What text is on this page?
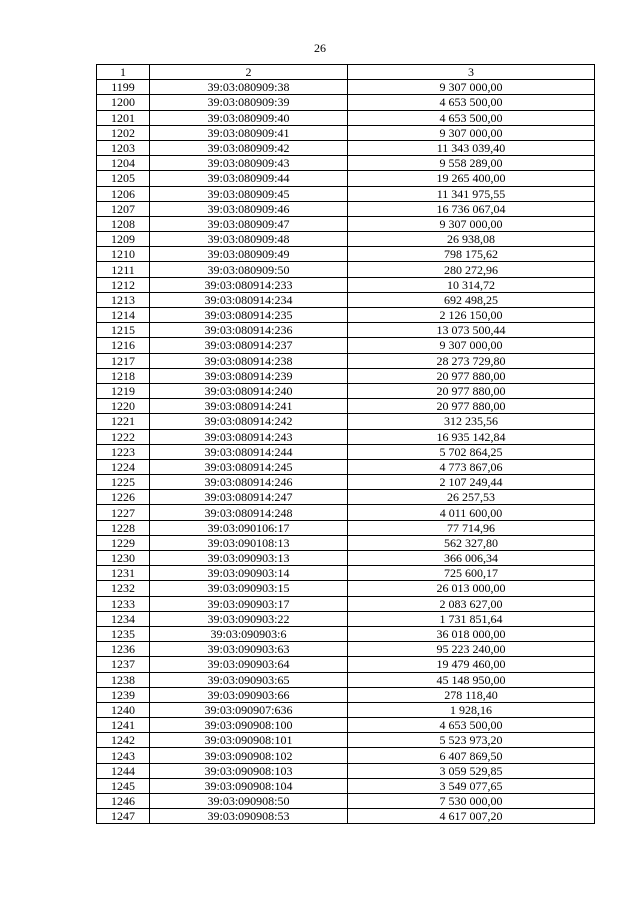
26
1	2	3
1199	39:03:080909:38	9 307 000,00
1200	39:03:080909:39	4 653 500,00
1201	39:03:080909:40	4 653 500,00
1202	39:03:080909:41	9 307 000,00
1203	39:03:080909:42	11 343 039,40
1204	39:03:080909:43	9 558 289,00
1205	39:03:080909:44	19 265 400,00
1206	39:03:080909:45	11 341 975,55
1207	39:03:080909:46	16 736 067,04
1208	39:03:080909:47	9 307 000,00
1209	39:03:080909:48	26 938,08
1210	39:03:080909:49	798 175,62
1211	39:03:080909:50	280 272,96
1212	39:03:080914:233	10 314,72
1213	39:03:080914:234	692 498,25
1214	39:03:080914:235	2 126 150,00
1215	39:03:080914:236	13 073 500,44
1216	39:03:080914:237	9 307 000,00
1217	39:03:080914:238	28 273 729,80
1218	39:03:080914:239	20 977 880,00
1219	39:03:080914:240	20 977 880,00
1220	39:03:080914:241	20 977 880,00
1221	39:03:080914:242	312 235,56
1222	39:03:080914:243	16 935 142,84
1223	39:03:080914:244	5 702 864,25
1224	39:03:080914:245	4 773 867,06
1225	39:03:080914:246	2 107 249,44
1226	39:03:080914:247	26 257,53
1227	39:03:080914:248	4 011 600,00
1228	39:03:090106:17	77 714,96
1229	39:03:090108:13	562 327,80
1230	39:03:090903:13	366 006,34
1231	39:03:090903:14	725 600,17
1232	39:03:090903:15	26 013 000,00
1233	39:03:090903:17	2 083 627,00
1234	39:03:090903:22	1 731 851,64
1235	39:03:090903:6	36 018 000,00
1236	39:03:090903:63	95 223 240,00
1237	39:03:090903:64	19 479 460,00
1238	39:03:090903:65	45 148 950,00
1239	39:03:090903:66	278 118,40
1240	39:03:090907:636	1 928,16
1241	39:03:090908:100	4 653 500,00
1242	39:03:090908:101	5 523 973,20
1243	39:03:090908:102	6 407 869,50
1244	39:03:090908:103	3 059 529,85
1245	39:03:090908:104	3 549 077,65
1246	39:03:090908:50	7 530 000,00
1247	39:03:090908:53	4 617 007,20
